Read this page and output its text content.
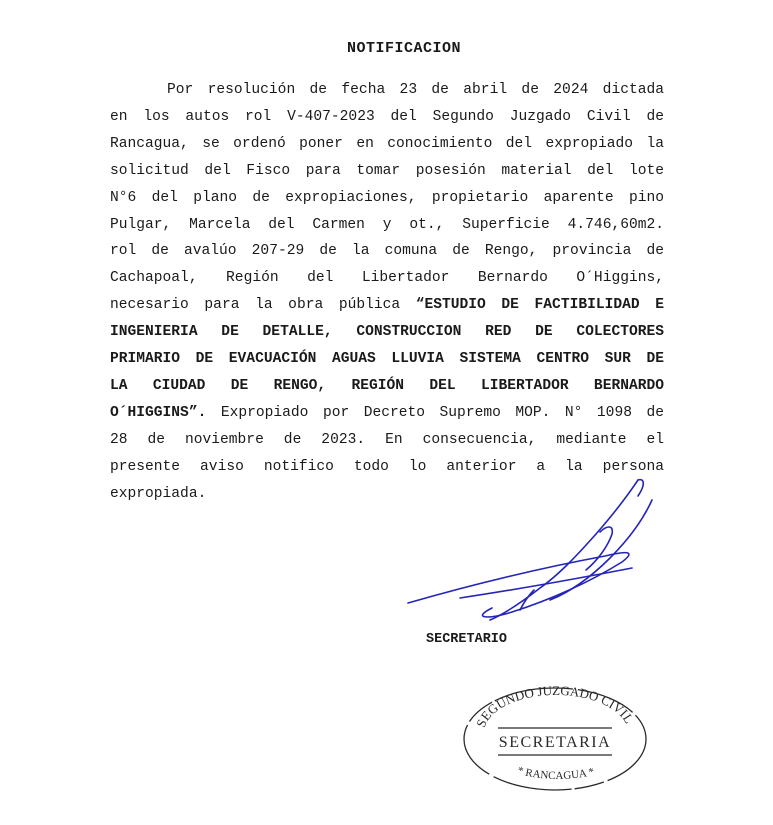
NOTIFICACION
Por resolución de fecha 23 de abril de 2024 dictada
en los autos rol V-407-2023 del Segundo Juzgado Civil de
Rancagua, se ordenó poner en conocimiento del expropiado la
solicitud del Fisco para tomar posesión material del lote
N°6 del plano de expropiaciones, propietario aparente pino
Pulgar, Marcela del Carmen y ot., Superficie 4.746,60m2.
rol de avalúo 207-29 de la comuna de Rengo, provincia de
Cachapoal, Región del Libertador Bernardo O´Higgins,
necesario para la obra pública “ESTUDIO DE FACTIBILIDAD E
INGENIERIA DE DETALLE, CONSTRUCCION RED DE COLECTORES
PRIMARIO DE EVACUACIÓN AGUAS LLUVIA SISTEMA CENTRO SUR DE
LA CIUDAD DE RENGO, REGIÓN DEL LIBERTADOR BERNARDO
O´HIGGINS”. Expropiado por Decreto Supremo MOP. N° 1098 de
28 de noviembre de 2023. En consecuencia, mediante el
presente aviso notifico todo lo anterior a la persona
expropiada.
SECRETARIO
SEGUNDO JUZGADO CIVIL
SECRETARIA
* RANCAGUA *
